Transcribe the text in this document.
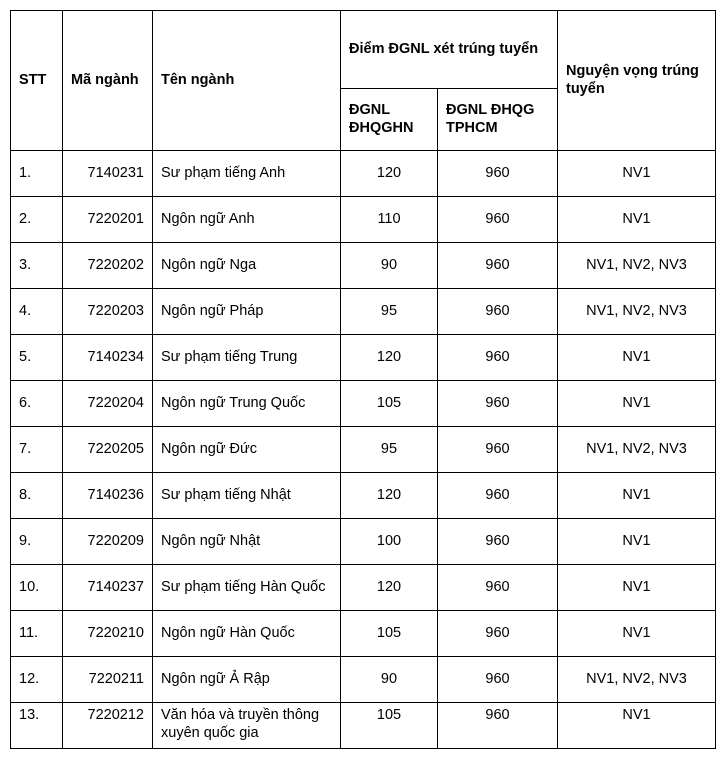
STT	Mã ngành	Tên ngành	Điểm ĐGNL xét trúng tuyển		Nguyện vọng trúng tuyển
			ĐGNL ĐHQGHN	ĐGNL ĐHQG TPHCM	
1.	7140231	Sư phạm tiếng Anh	120	960	NV1
2.	7220201	Ngôn ngữ Anh	110	960	NV1
3.	7220202	Ngôn ngữ Nga	90	960	NV1, NV2, NV3
4.	7220203	Ngôn ngữ Pháp	95	960	NV1, NV2, NV3
5.	7140234	Sư phạm tiếng Trung	120	960	NV1
6.	7220204	Ngôn ngữ Trung Quốc	105	960	NV1
7.	7220205	Ngôn ngữ Đức	95	960	NV1, NV2, NV3
8.	7140236	Sư phạm tiếng Nhật	120	960	NV1
9.	7220209	Ngôn ngữ Nhật	100	960	NV1
10.	7140237	Sư phạm tiếng Hàn Quốc	120	960	NV1
11.	7220210	Ngôn ngữ Hàn Quốc	105	960	NV1
12.	7220211	Ngôn ngữ Ả Rập	90	960	NV1, NV2, NV3
13.	7220212	Văn hóa và truyền thông xuyên quốc gia	105	960	NV1
